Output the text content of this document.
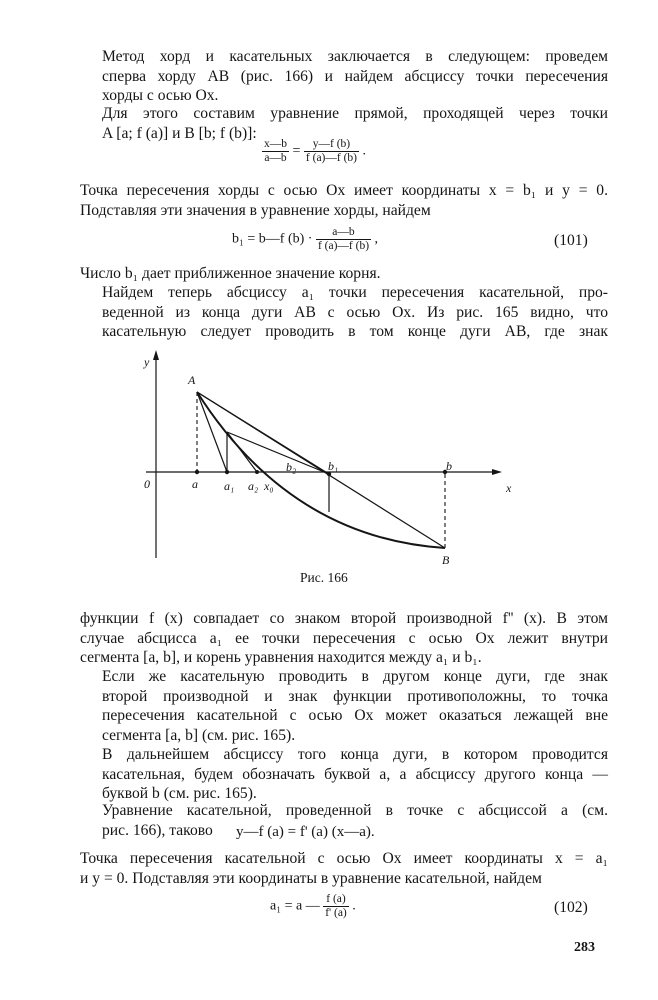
Метод хорд и касательных заключается в следующем: проведем
сперва хорду AB (рис. 166) и найдем абсциссу точки пересечения
хорды с осью Ox.
Для этого составим уравнение прямой, проходящей через точки
A [a; f (a)] и B [b; f (b)]:
$\frac{x—b}{a—b} = \frac{y—f (b)}{f (a)—f (b)}$ .
Точка пересечения хорды с осью Ox имеет координаты x = b₁ и y = 0.
Подставляя эти значения в уравнение хорды, найдем
b₁ = b—f $(b) \cdot \frac{a—b}{f (a)—f (b)}$ ,	(101)
Число b₁ дает приближенное значение корня.
Найдем теперь абсциссу a₁ точки пересечения касательной, про-
веденной из конца дуги AB с осью Ox. Из рис. 165 видно, что
касательную следует проводить в том конце дуги AB, где знак
y
x
0
A
B
a a₁ a₂ x₀
b₂	b₁	b
Рис. 166
функции f (x) совпадает со знаком второй производной f'' (x). В этом
случае абсцисса a₁ ее точки пересечения с осью Ox лежит внутри
сегмента [a, b], и корень уравнения находится между a₁ и b₁.
Если же касательную проводить в другом конце дуги, где знак
второй производной и знак функции противоположны, то точка
пересечения касательной с осью Ox может оказаться лежащей вне
сегмента [a, b] (см. рис. 165).
В дальнейшем абсциссу того конца дуги, в котором проводится
касательная, будем обозначать буквой a, а абсциссу другого конца —
буквой b (см. рис. 165).
Уравнение касательной, проведенной в точке с абсциссой a (см.
рис. 166), таково	y—f (a) = f' (a) (x—a).
Точка пересечения касательной с осью Ox имеет координаты x = a₁
и y = 0. Подставляя эти координаты в уравнение касательной, найдем
a₁ = a — $\frac{f (a)}{f' (a)}$ .	(102)
283
